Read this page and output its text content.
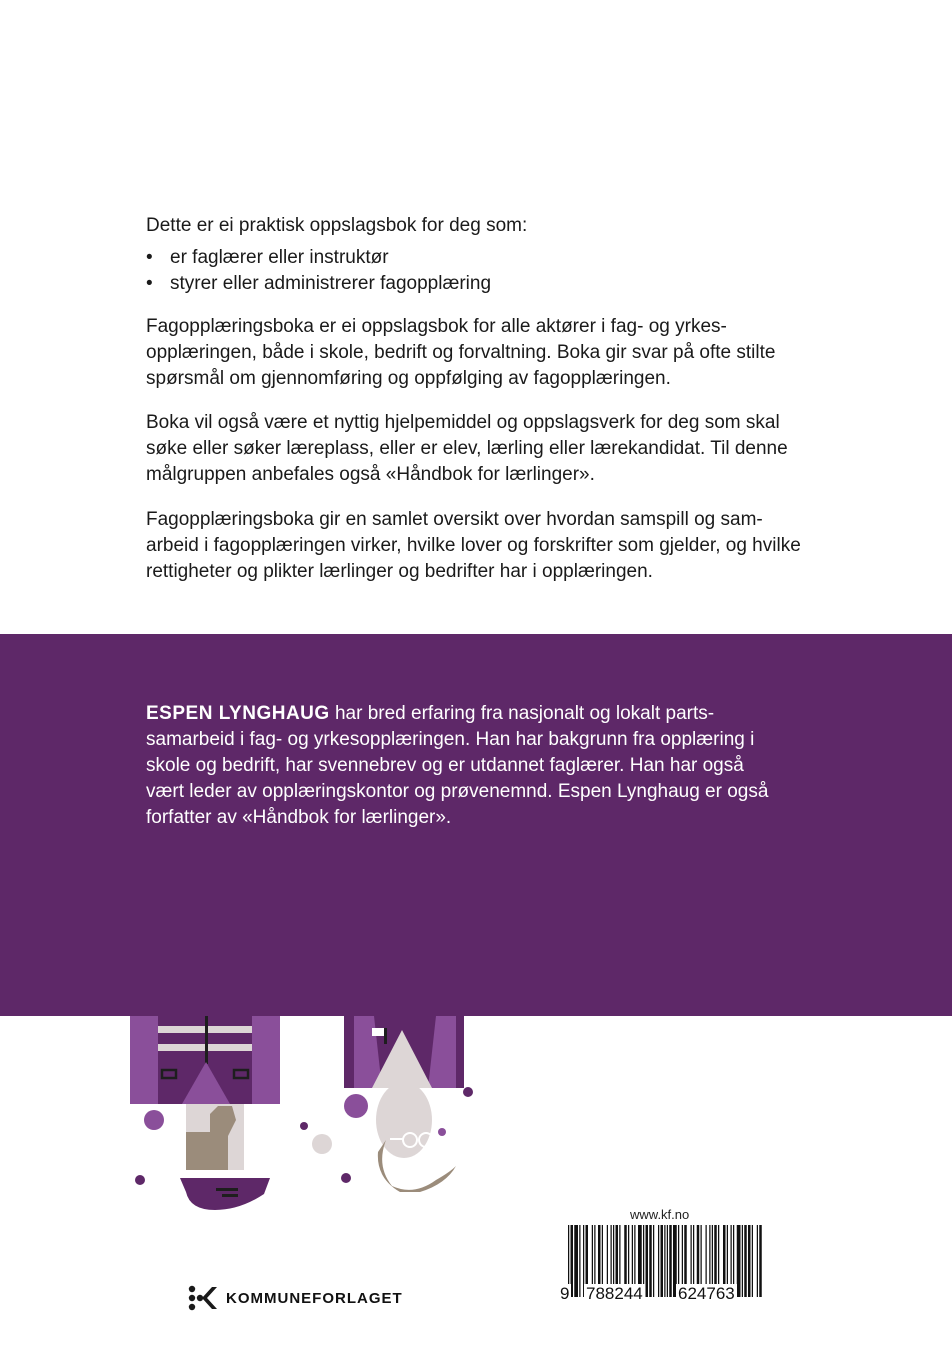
Dette er ei praktisk oppslagsbok for deg som:

• er faglærer eller instruktør
• styrer eller administrerer fagopplæring

Fagopplæringsboka er ei oppslagsbok for alle aktører i fag- og yrkes-opplæringen, både i skole, bedrift og forvaltning. Boka gir svar på ofte stilte spørsmål om gjennomføring og oppfølging av fagopplæringen.

Boka vil også være et nyttig hjelpemiddel og oppslagsverk for deg som skal søke eller søker læreplass, eller er elev, lærling eller lærekandidat. Til denne målgruppen anbefales også «Håndbok for lærlinger».

Fagopplæringsboka gir en samlet oversikt over hvordan samspill og sam-arbeid i fagopplæringen virker, hvilke lover og forskrifter som gjelder, og hvilke rettigheter og plikter lærlinger og bedrifter har i opplæringen.

ESPEN LYNGHAUG har bred erfaring fra nasjonalt og lokalt parts-samarbeid i fag- og yrkesopplæringen. Han har bakgrunn fra opplæring i skole og bedrift, har svennebrev og er utdannet faglærer. Han har også vært leder av opplæringskontor og prøvenemnd. Espen Lynghaug er også forfatter av «Håndbok for lærlinger».

www.kf.no
9 788244 624763
KOMMUNEFORLAGET
